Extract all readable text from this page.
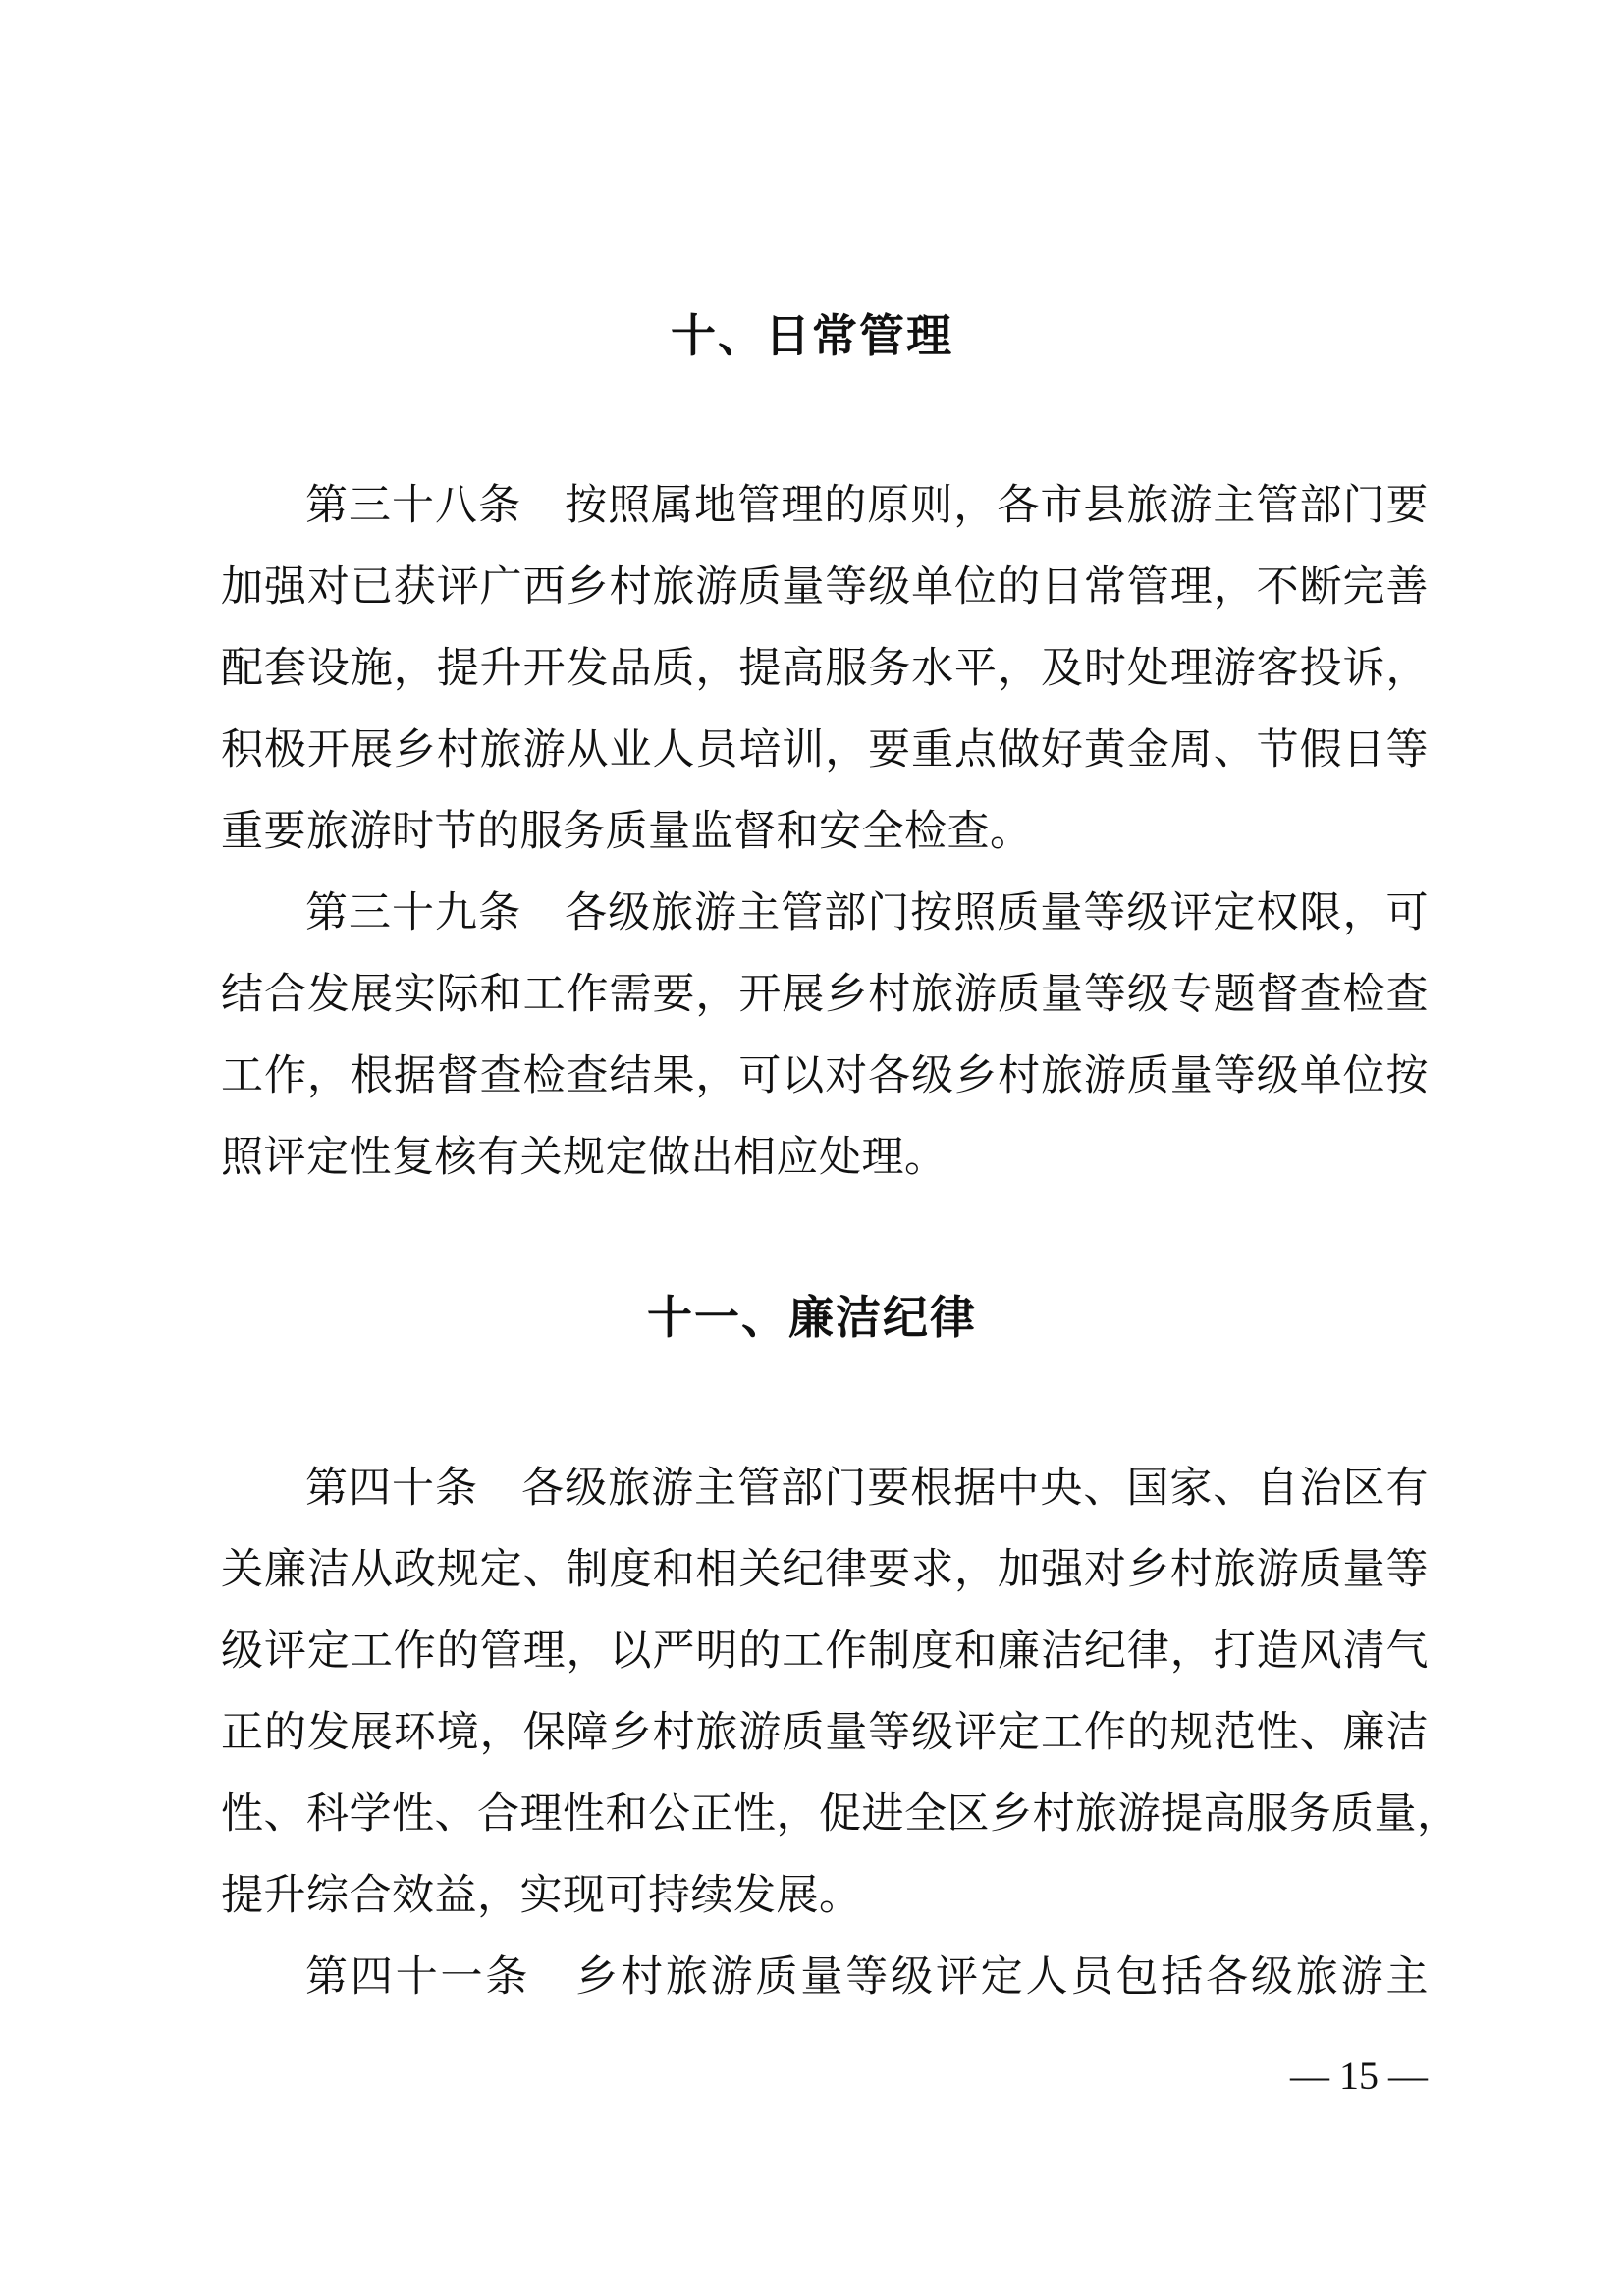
十、日常管理
第三十八条　按照属地管理的原则，各市县旅游主管部门要
加强对已获评广西乡村旅游质量等级单位的日常管理，不断完善
配套设施，提升开发品质，提高服务水平，及时处理游客投诉，
积极开展乡村旅游从业人员培训，要重点做好黄金周、节假日等
重要旅游时节的服务质量监督和安全检查。
第三十九条　各级旅游主管部门按照质量等级评定权限，可
结合发展实际和工作需要，开展乡村旅游质量等级专题督查检查
工作，根据督查检查结果，可以对各级乡村旅游质量等级单位按
照评定性复核有关规定做出相应处理。
十一、廉洁纪律
第四十条　各级旅游主管部门要根据中央、国家、自治区有
关廉洁从政规定、制度和相关纪律要求，加强对乡村旅游质量等
级评定工作的管理，以严明的工作制度和廉洁纪律，打造风清气
正的发展环境，保障乡村旅游质量等级评定工作的规范性、廉洁
性、科学性、合理性和公正性，促进全区乡村旅游提高服务质量，
提升综合效益，实现可持续发展。
第四十一条　乡村旅游质量等级评定人员包括各级旅游主
— 15 —
